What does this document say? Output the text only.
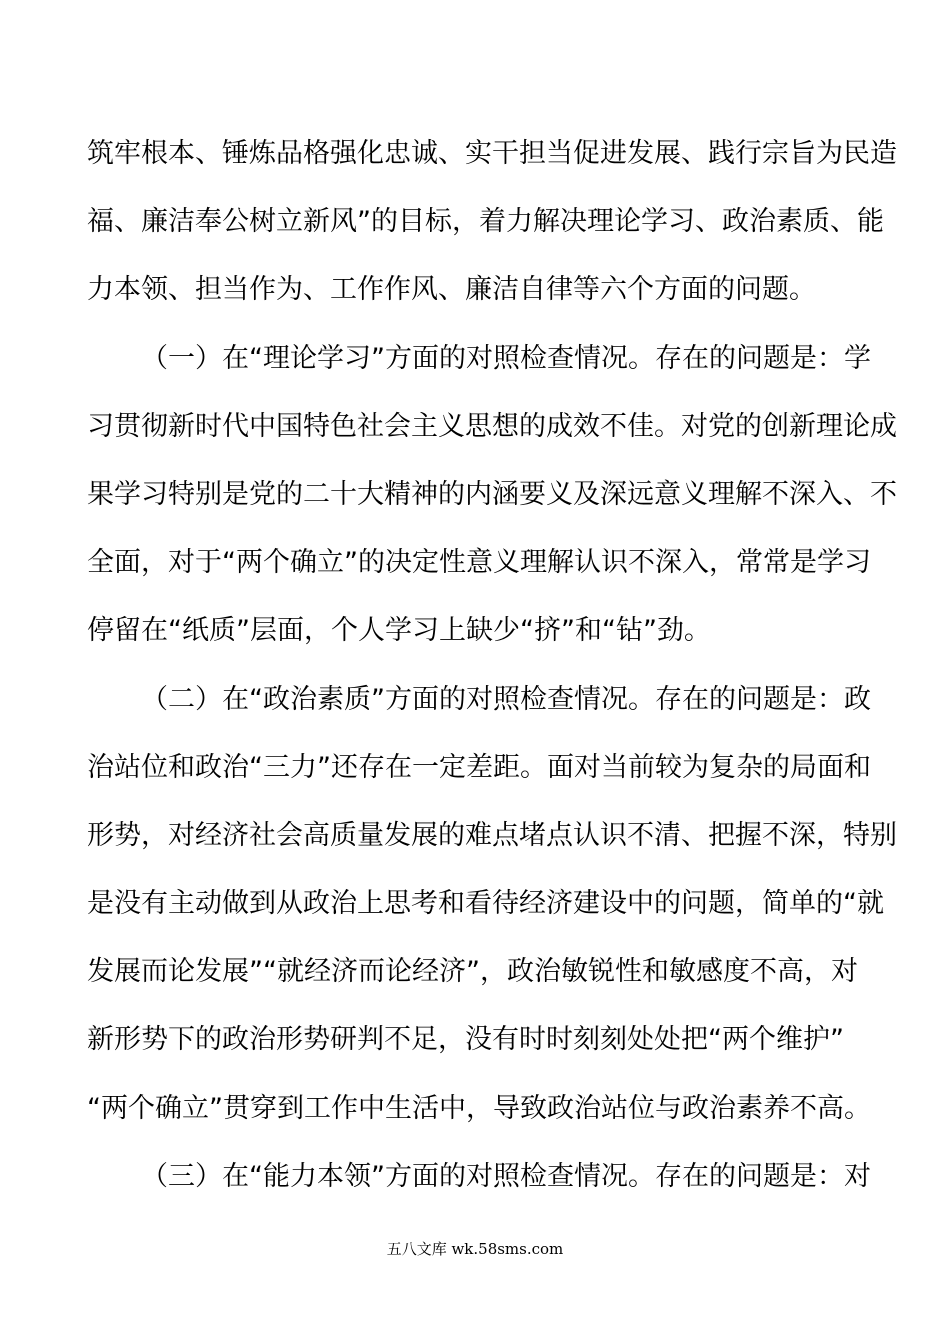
筑牢根本、锤炼品格强化忠诚、实干担当促进发展、践行宗旨为民造
福、廉洁奉公树立新风”的目标，着力解决理论学习、政治素质、能
力本领、担当作为、工作作风、廉洁自律等六个方面的问题。
（一）在“理论学习”方面的对照检查情况。存在的问题是：学
习贯彻新时代中国特色社会主义思想的成效不佳。对党的创新理论成
果学习特别是党的二十大精神的内涵要义及深远意义理解不深入、不
全面，对于“两个确立”的决定性意义理解认识不深入，常常是学习
停留在“纸质”层面，个人学习上缺少“挤”和“钻”劲。
（二）在“政治素质”方面的对照检查情况。存在的问题是：政
治站位和政治“三力”还存在一定差距。面对当前较为复杂的局面和
形势，对经济社会高质量发展的难点堵点认识不清、把握不深，特别
是没有主动做到从政治上思考和看待经济建设中的问题，简单的“就
发展而论发展”“就经济而论经济”，政治敏锐性和敏感度不高，对
新形势下的政治形势研判不足，没有时时刻刻处处把“两个维护”
“两个确立”贯穿到工作中生活中，导致政治站位与政治素养不高。
（三）在“能力本领”方面的对照检查情况。存在的问题是：对
五八文库 wk.58sms.com
